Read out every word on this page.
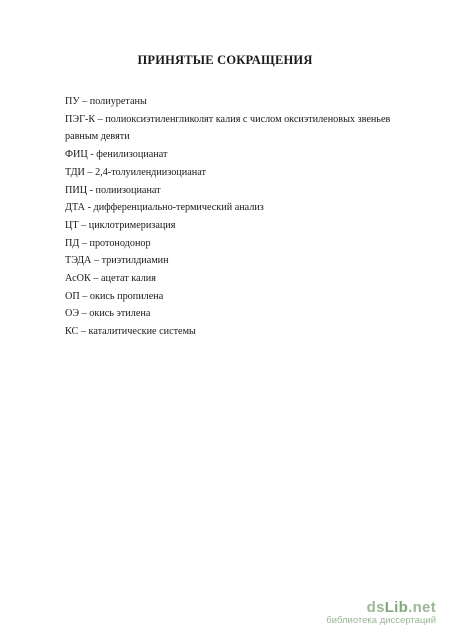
ПРИНЯТЫЕ СОКРАЩЕНИЯ
ПУ – полиуретаны
ПЭГ-К – полиоксиэтиленгликолят калия с числом оксиэтиленовых звеньев
равным девяти
ФИЦ - фенилизоцианат
ТДИ – 2,4-толуилендиизоцианат
ПИЦ - полиизоцианат
ДТА - дифференциально-термический анализ
ЦТ – циклотримеризация
ПД – протонодонор
ТЭДА – триэтилдиамин
АсОК – ацетат калия
ОП – окись пропилена
ОЭ – окись этилена
КС – каталитические системы
dsLib.net
библиотека диссертаций
